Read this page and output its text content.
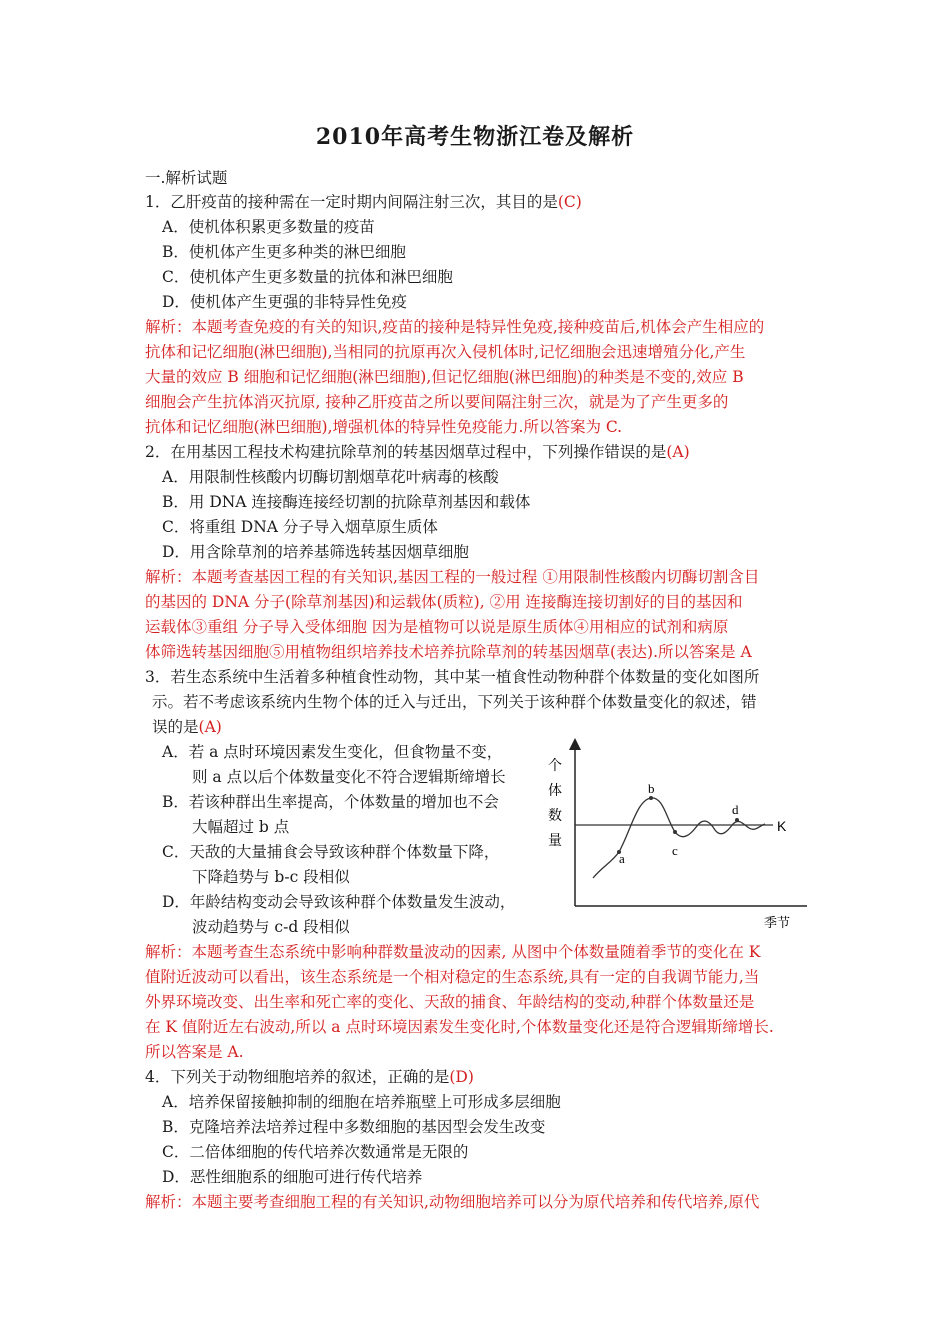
2010年高考生物浙江卷及解析
一.解析试题
1．乙肝疫苗的接种需在一定时期内间隔注射三次，其目的是(C)
A．使机体积累更多数量的疫苗
B．使机体产生更多种类的淋巴细胞
C．使机体产生更多数量的抗体和淋巴细胞
D．使机体产生更强的非特异性免疫
解析：本题考查免疫的有关的知识,疫苗的接种是特异性免疫,接种疫苗后,机体会产生相应的
抗体和记忆细胞(淋巴细胞),当相同的抗原再次入侵机体时,记忆细胞会迅速增殖分化,产生
大量的效应 B 细胞和记忆细胞(淋巴细胞),但记忆细胞(淋巴细胞)的种类是不变的,效应 B
细胞会产生抗体消灭抗原, 接种乙肝疫苗之所以要间隔注射三次，就是为了产生更多的
抗体和记忆细胞(淋巴细胞),增强机体的特异性免疫能力.所以答案为 C.
2．在用基因工程技术构建抗除草剂的转基因烟草过程中，下列操作错误的是(A)
A．用限制性核酸内切酶切割烟草花叶病毒的核酸
B．用 DNA 连接酶连接经切割的抗除草剂基因和载体
C．将重组 DNA 分子导入烟草原生质体
D．用含除草剂的培养基筛选转基因烟草细胞
解析：本题考查基因工程的有关知识,基因工程的一般过程 ①用限制性核酸内切酶切割含目
的基因的 DNA 分子(除草剂基因)和运载体(质粒), ②用 连接酶连接切割好的目的基因和
运载体③重组 分子导入受体细胞 因为是植物可以说是原生质体④用相应的试剂和病原
体筛选转基因细胞⑤用植物组织培养技术培养抗除草剂的转基因烟草(表达).所以答案是 A
3．若生态系统中生活着多种植食性动物，其中某一植食性动物种群个体数量的变化如图所
示。若不考虑该系统内生物个体的迁入与迁出，下列关于该种群个体数量变化的叙述，错
误的是(A)
A．若 a 点时环境因素发生变化，但食物量不变，
则 a 点以后个体数量变化不符合逻辑斯缔增长
B．若该种群出生率提高，个体数量的增加也不会
大幅超过 b 点
C．天敌的大量捕食会导致该种群个体数量下降，
下降趋势与 b-c 段相似
D．年龄结构变动会导致该种群个体数量发生波动，
波动趋势与 c-d 段相似
个
体
数
量
K
a
b
c
d
季节
解析：本题考查生态系统中影响种群数量波动的因素, 从图中个体数量随着季节的变化在 K
值附近波动可以看出，该生态系统是一个相对稳定的生态系统,具有一定的自我调节能力,当
外界环境改变、出生率和死亡率的变化、天敌的捕食、年龄结构的变动,种群个体数量还是
在 K 值附近左右波动,所以 a 点时环境因素发生变化时,个体数量变化还是符合逻辑斯缔增长.
所以答案是 A.
4．下列关于动物细胞培养的叙述，正确的是(D)
A．培养保留接触抑制的细胞在培养瓶壁上可形成多层细胞
B．克隆培养法培养过程中多数细胞的基因型会发生改变
C．二倍体细胞的传代培养次数通常是无限的
D．恶性细胞系的细胞可进行传代培养
解析：本题主要考查细胞工程的有关知识,动物细胞培养可以分为原代培养和传代培养,原代
